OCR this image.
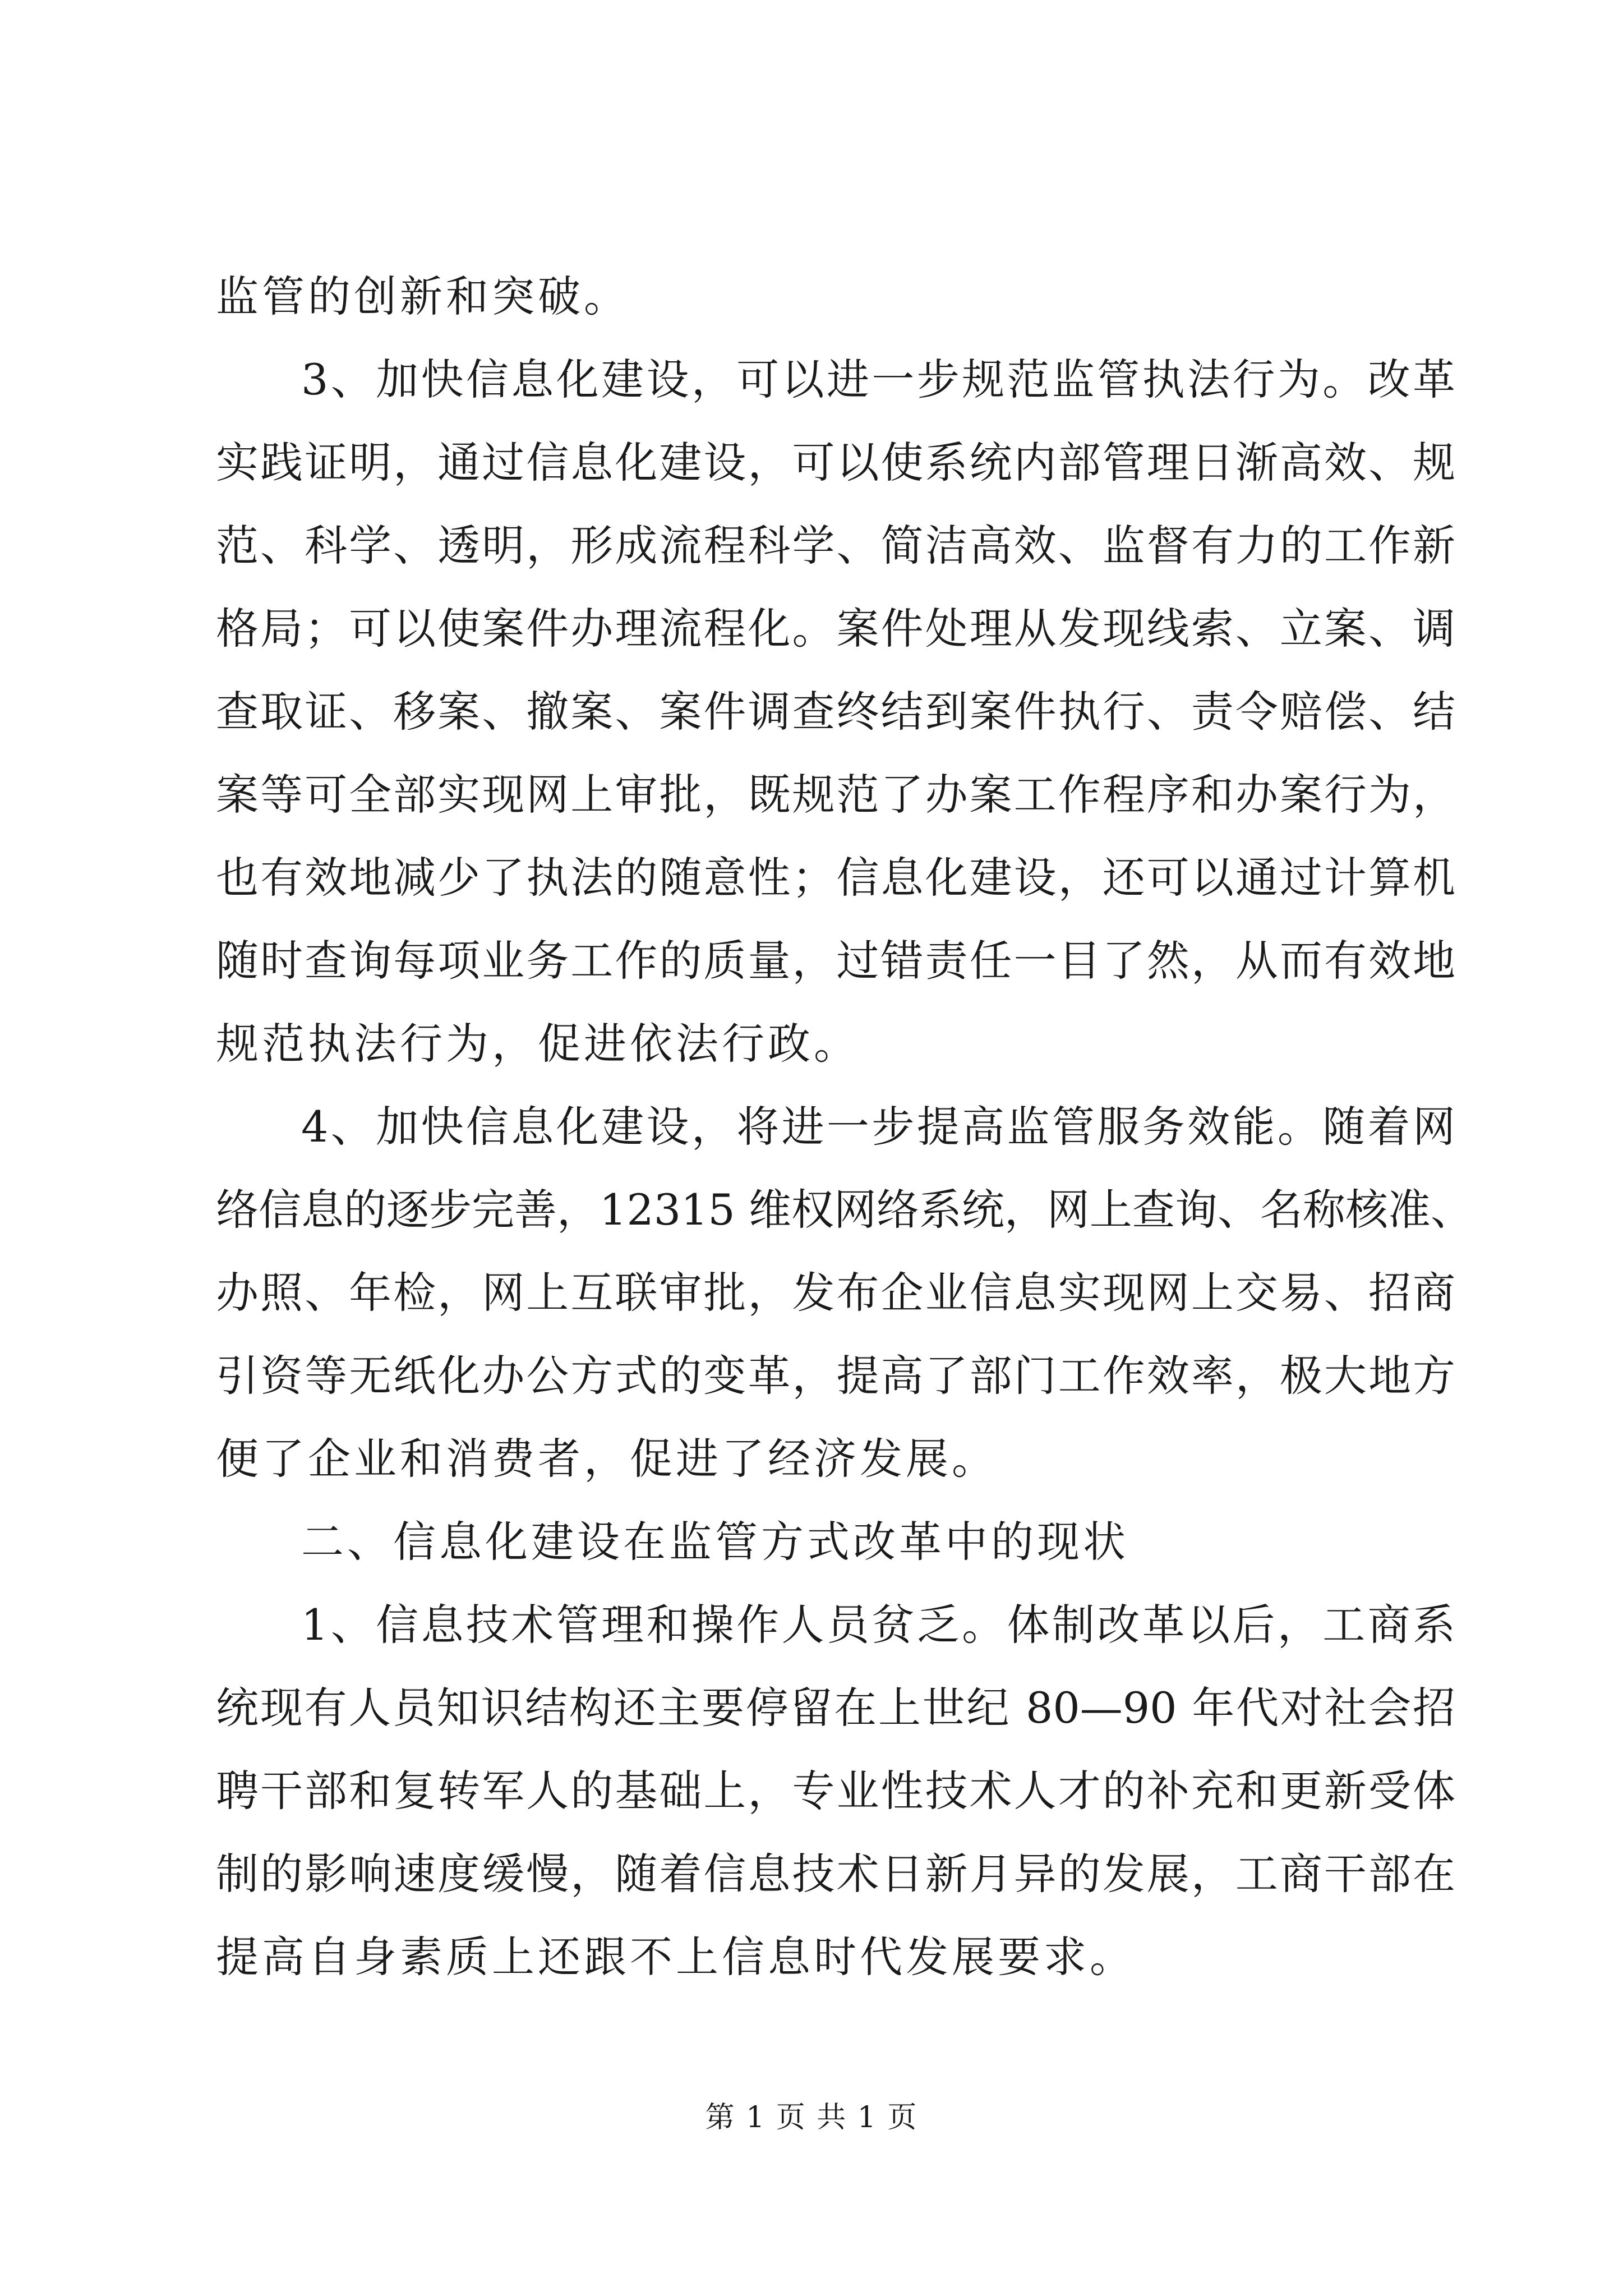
监管的创新和突破。
3、加快信息化建设，可以进一步规范监管执法行为。改革
实践证明，通过信息化建设，可以使系统内部管理日渐高效、规
范、科学、透明，形成流程科学、简洁高效、监督有力的工作新
格局；可以使案件办理流程化。案件处理从发现线索、立案、调
查取证、移案、撤案、案件调查终结到案件执行、责令赔偿、结
案等可全部实现网上审批，既规范了办案工作程序和办案行为，
也有效地减少了执法的随意性；信息化建设，还可以通过计算机
随时查询每项业务工作的质量，过错责任一目了然，从而有效地
规范执法行为，促进依法行政。
4、加快信息化建设，将进一步提高监管服务效能。随着网
络信息的逐步完善，12315 维权网络系统，网上查询、名称核准、
办照、年检，网上互联审批，发布企业信息实现网上交易、招商
引资等无纸化办公方式的变革，提高了部门工作效率，极大地方
便了企业和消费者，促进了经济发展。
二、信息化建设在监管方式改革中的现状
1、信息技术管理和操作人员贫乏。体制改革以后，工商系
统现有人员知识结构还主要停留在上世纪 80—90 年代对社会招
聘干部和复转军人的基础上，专业性技术人才的补充和更新受体
制的影响速度缓慢，随着信息技术日新月异的发展，工商干部在
提高自身素质上还跟不上信息时代发展要求。
第 1 页 共 1 页
